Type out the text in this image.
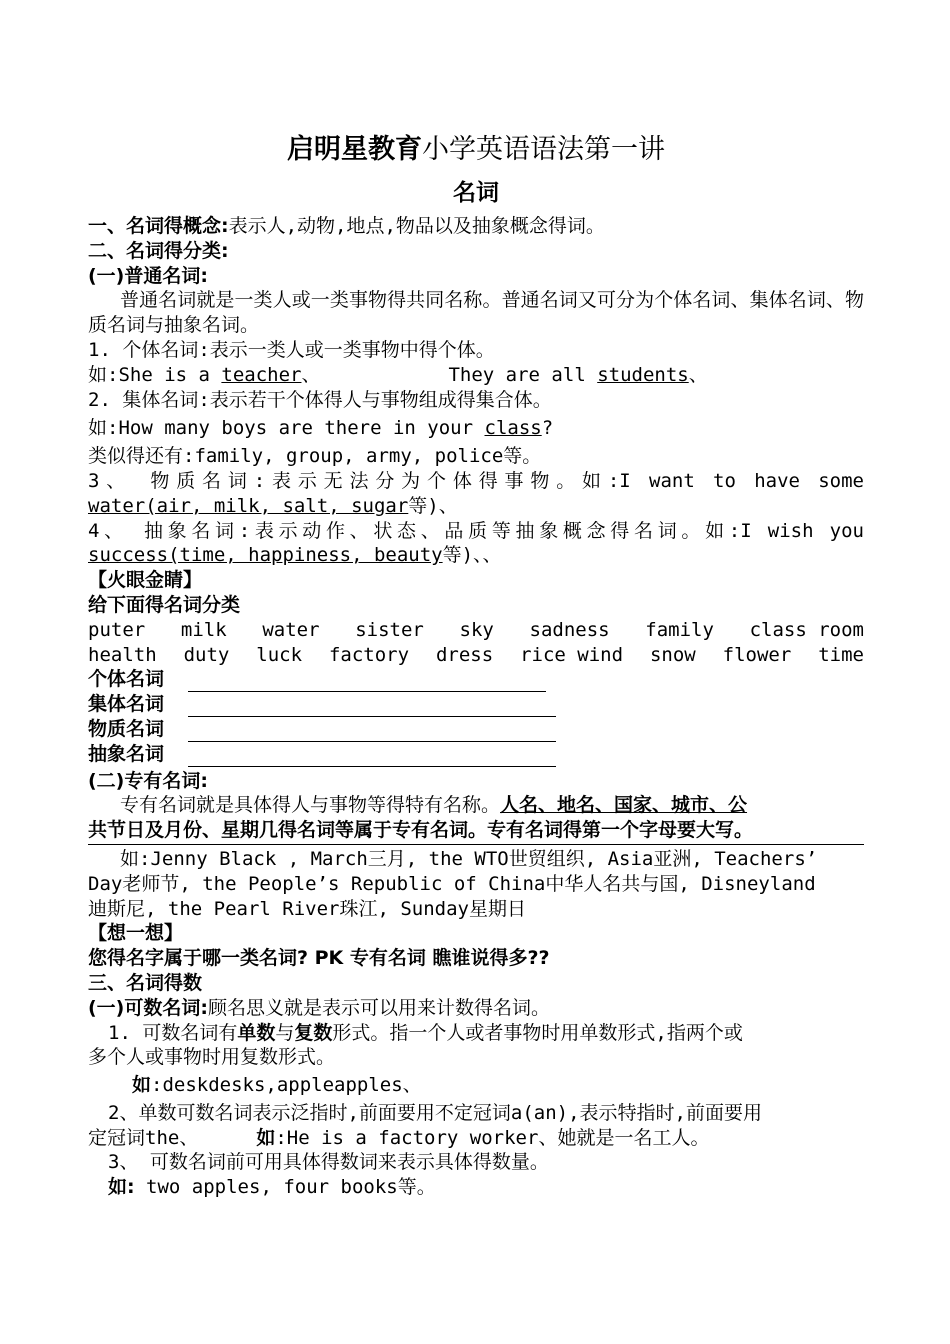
启明星教育小学英语语法第一讲
名词
一、名词得概念:表示人,动物,地点,物品以及抽象概念得词。
二、名词得分类:
(一)普通名词:
普通名词就是一类人或一类事物得共同名称。普通名词又可分为个体名词、集体名词、物质名词与抽象名词。
1. 个体名词:表示一类人或一类事物中得个体。
如:She is a teacher、	They are all students、
2. 集体名词:表示若干个体得人与事物组成得集合体。
如:How many boys are there in your class?
类似得还有:family, group, army, police等。
3、 物质名词:表示无法分为个体得事物。如:I want to have some
water(air, milk, salt, sugar等)、
4、 抽象名词:表示动作、状态、品质等抽象概念得名词。如:I wish you
success(time, happiness, beauty等)、、
【火眼金睛】
给下面得名词分类
puter milk water sister sky sadness family class room
health duty luck factory dress rice wind snow flower time
个体名词
集体名词
物质名词
抽象名词
(二)专有名词:
专有名词就是具体得人与事物等得特有名称。人名、地名、国家、城市、公
共节日及月份、星期几得名词等属于专有名词。专有名词得第一个字母要大写。
如:Jenny Black , March三月, the WTO世贸组织, Asia亚洲, Teachers’
Day老师节, the People’s Republic of China中华人名共与国, Disneyland
迪斯尼, the Pearl River珠江, Sunday星期日
【想一想】
您得名字属于哪一类名词? PK 专有名词 瞧谁说得多??
三、名词得数
(一)可数名词:顾名思义就是表示可以用来计数得名词。
1. 可数名词有单数与复数形式。指一个人或者事物时用单数形式,指两个或
多个人或事物时用复数形式。
如:deskdesks,appleapples、
2、单数可数名词表示泛指时,前面要用不定冠词a(an),表示特指时,前面要用
定冠词the、	如:He is a factory worker、她就是一名工人。
3、 可数名词前可用具体得数词来表示具体得数量。
如: two apples, four books等。
